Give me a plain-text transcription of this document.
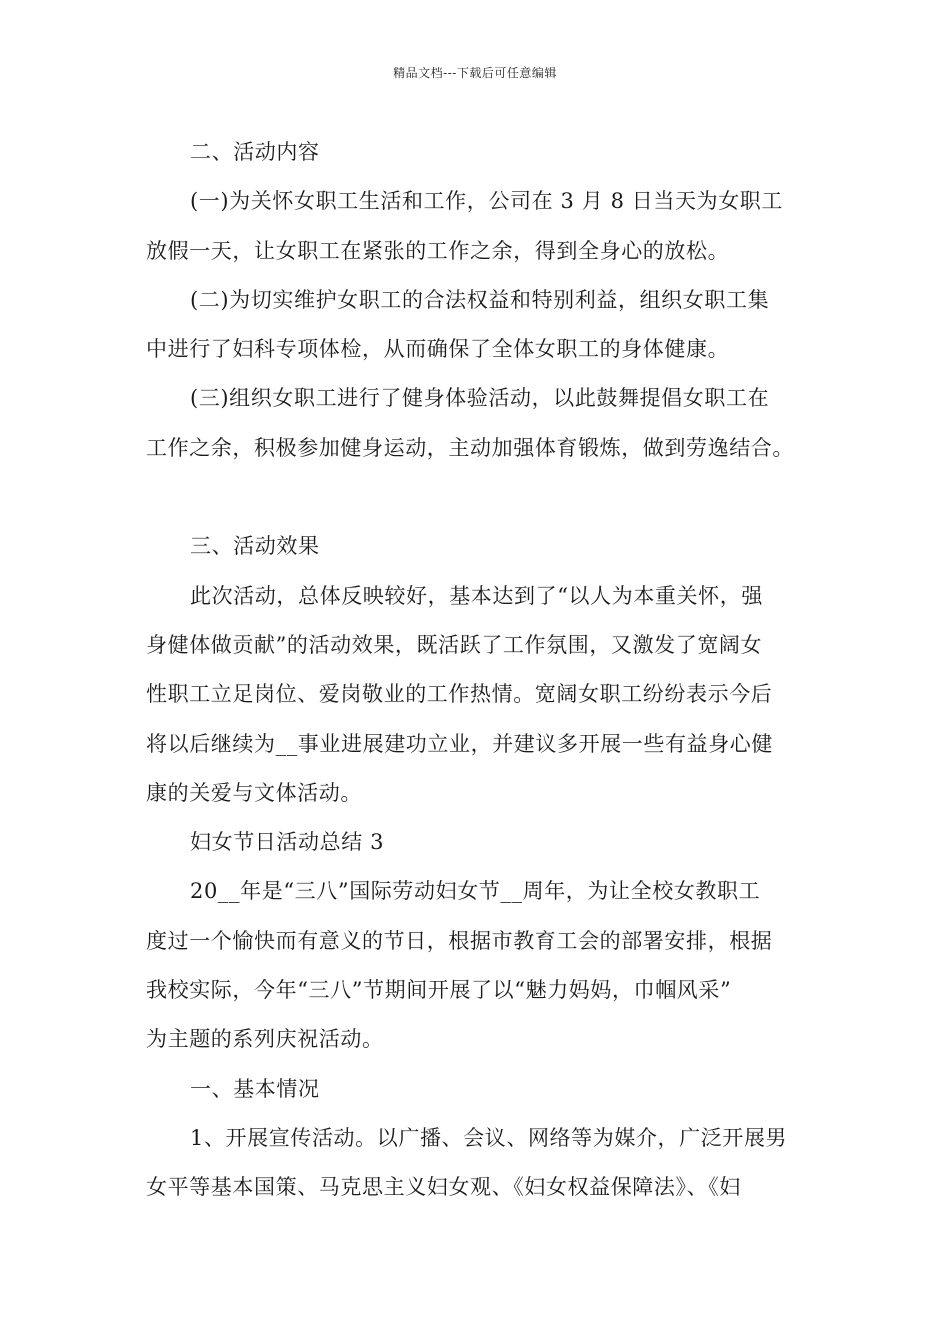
精品文档---下载后可任意编辑
二、活动内容
(一)为关怀女职工生活和工作，公司在 3 月 8 日当天为女职工
放假一天，让女职工在紧张的工作之余，得到全身心的放松。
(二)为切实维护女职工的合法权益和特别利益，组织女职工集
中进行了妇科专项体检，从而确保了全体女职工的身体健康。
(三)组织女职工进行了健身体验活动，以此鼓舞提倡女职工在
工作之余，积极参加健身运动，主动加强体育锻炼，做到劳逸结合。
三、活动效果
此次活动，总体反映较好，基本达到了“以人为本重关怀，强
身健体做贡献”的活动效果，既活跃了工作氛围，又激发了宽阔女
性职工立足岗位、爱岗敬业的工作热情。宽阔女职工纷纷表示今后
将以后继续为__事业进展建功立业，并建议多开展一些有益身心健
康的关爱与文体活动。
妇女节日活动总结 3
20__年是“三八”国际劳动妇女节__周年，为让全校女教职工
度过一个愉快而有意义的节日，根据市教育工会的部署安排，根据
我校实际，今年“三八”节期间开展了以“魅力妈妈，巾帼风采”
为主题的系列庆祝活动。
一、基本情况
1、开展宣传活动。以广播、会议、网络等为媒介，广泛开展男
女平等基本国策、马克思主义妇女观、《妇女权益保障法》、《妇
